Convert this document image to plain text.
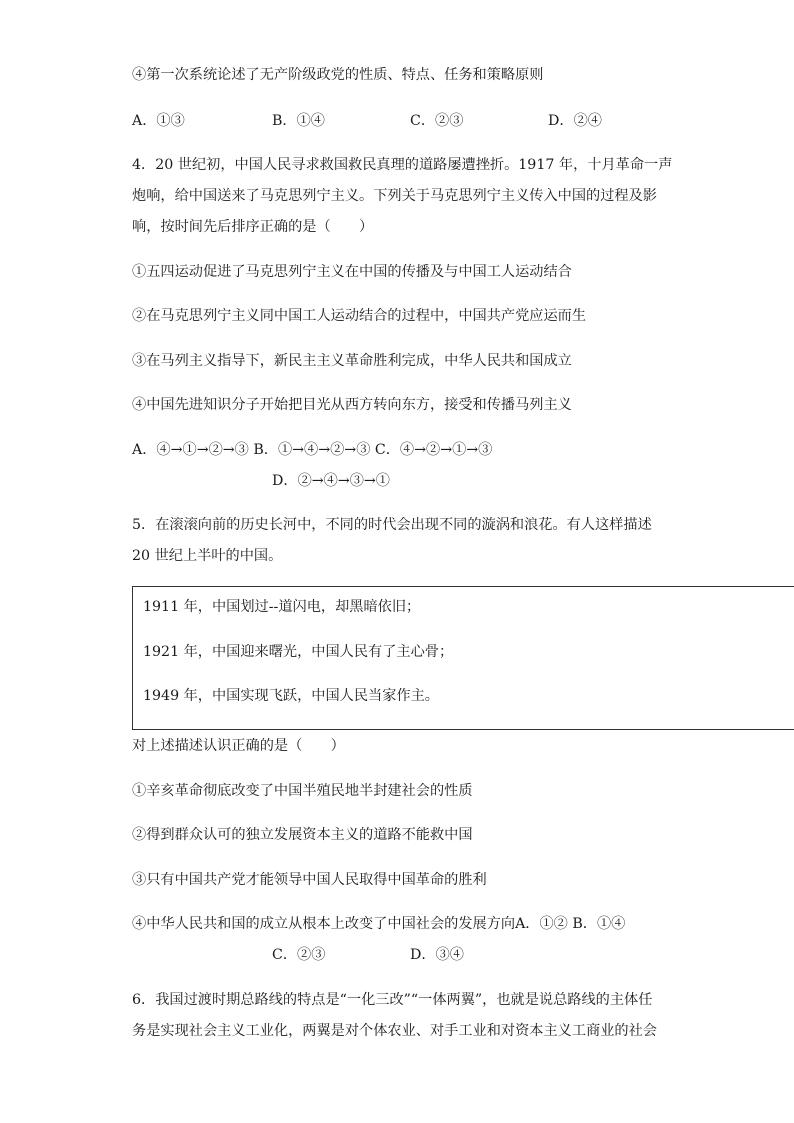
④第一次系统论述了无产阶级政党的性质、特点、任务和策略原则
A．①③	B．①④	C．②③	D．②④
4．20 世纪初，中国人民寻求救国救民真理的道路屡遭挫折。1917 年，十月革命一声
炮响，给中国送来了马克思列宁主义。下列关于马克思列宁主义传入中国的过程及影
响，按时间先后排序正确的是（　　）
①五四运动促进了马克思列宁主义在中国的传播及与中国工人运动结合
②在马克思列宁主义同中国工人运动结合的过程中，中国共产党应运而生
③在马列主义指导下，新民主主义革命胜利完成，中华人民共和国成立
④中国先进知识分子开始把目光从西方转向东方，接受和传播马列主义
A．④→①→②→③ B．①→④→②→③ C．④→②→①→③
D．②→④→③→①
5．在滚滚向前的历史长河中，不同的时代会出现不同的漩涡和浪花。有人这样描述
20 世纪上半叶的中国。
1911 年，中国划过--道闪电，却黑暗依旧；
1921 年，中国迎来曙光，中国人民有了主心骨；
1949 年，中国实现飞跃，中国人民当家作主。
对上述描述认识正确的是（　　）
①辛亥革命彻底改变了中国半殖民地半封建社会的性质
②得到群众认可的独立发展资本主义的道路不能救中国
③只有中国共产党才能领导中国人民取得中国革命的胜利
④中华人民共和国的成立从根本上改变了中国社会的发展方向A．①② B．①④
C．②③	D．③④
6．我国过渡时期总路线的特点是“一化三改”“一体两翼”，也就是说总路线的主体任
务是实现社会主义工业化，两翼是对个体农业、对手工业和对资本主义工商业的社会
